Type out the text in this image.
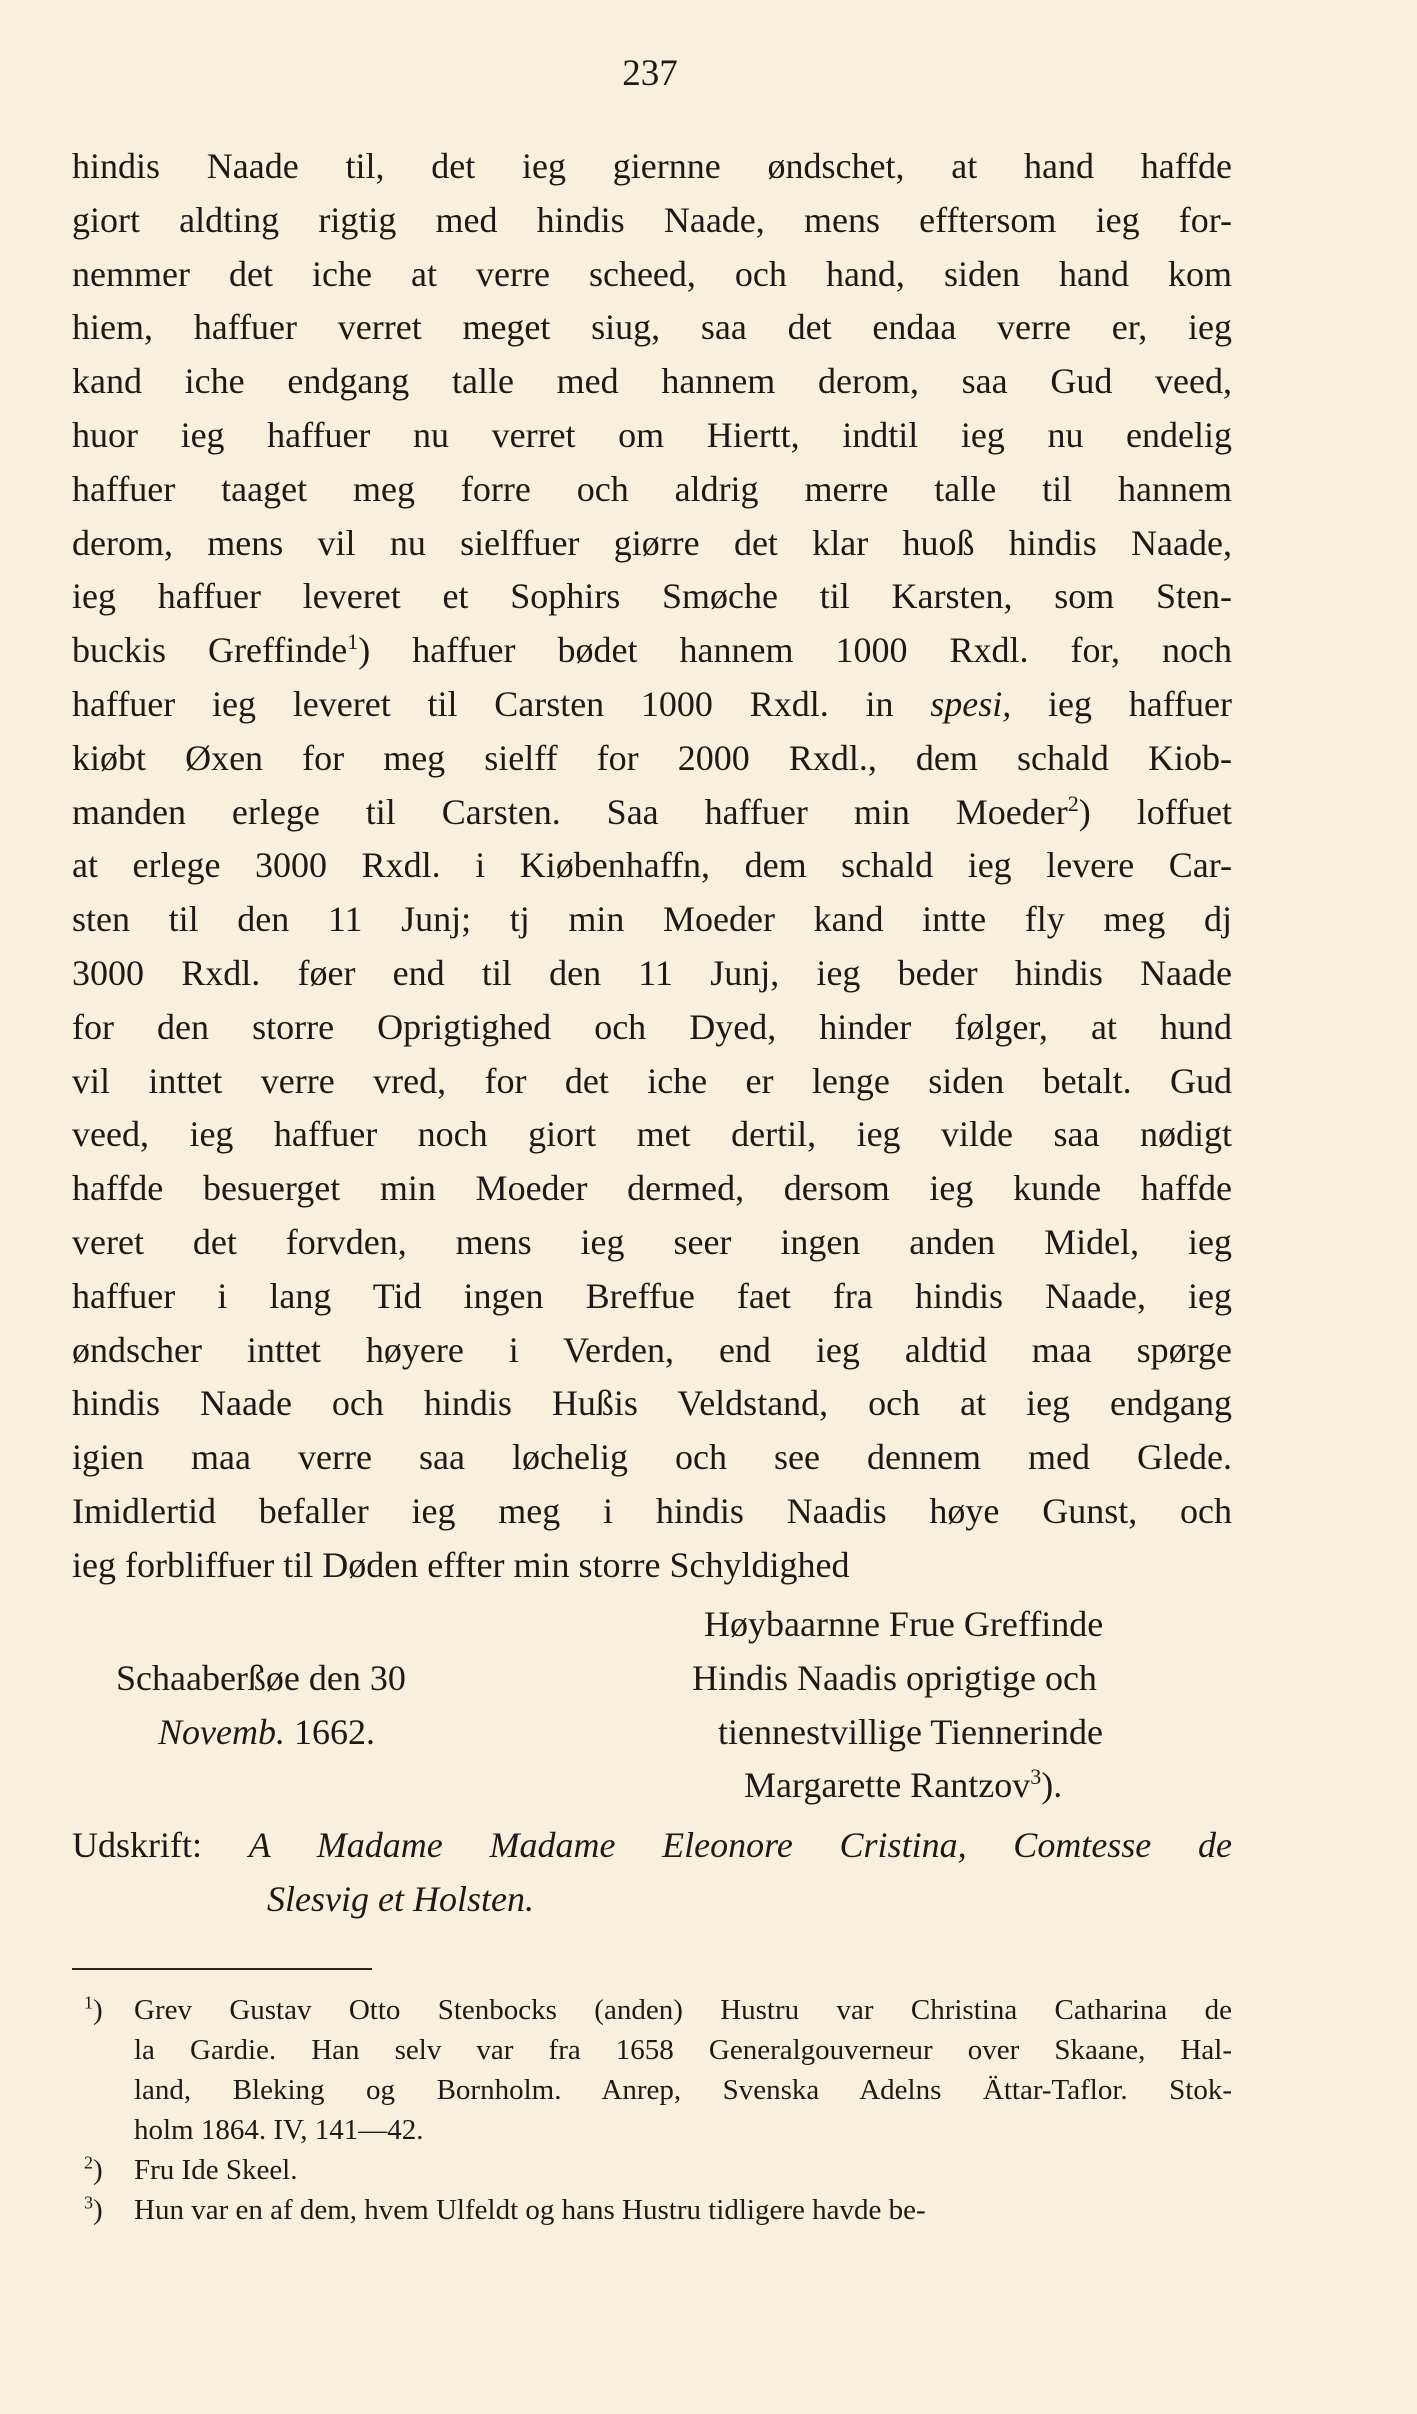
237
hindis Naade til, det ieg giernne øndschet, at hand haffde
giort aldting rigtig med hindis Naade, mens efftersom ieg for-
nemmer det iche at verre scheed, och hand, siden hand kom
hiem, haffuer verret meget siug, saa det endaa verre er, ieg
kand iche endgang talle med hannem derom, saa Gud veed,
huor ieg haffuer nu verret om Hiertt, indtil ieg nu endelig
haffuer taaget meg forre och aldrig merre talle til hannem
derom, mens vil nu sielffuer giørre det klar huoß hindis Naade,
ieg haffuer leveret et Sophirs Smøche til Karsten, som Sten-
buckis Greffinde$^1$) haffuer bødet hannem 1000 Rxdl. for, noch
haffuer ieg leveret til Carsten 1000 Rxdl. in spesi, ieg haffuer
kiøbt Øxen for meg sielff for 2000 Rxdl., dem schald Kiob-
manden erlege til Carsten. Saa haffuer min Moeder$^2$) loffuet
at erlege 3000 Rxdl. i Kiøbenhaffn, dem schald ieg levere Car-
sten til den 11 Junj; tj min Moeder kand intte fly meg dj
3000 Rxdl. føer end til den 11 Junj, ieg beder hindis Naade
for den storre Oprigtighed och Dyed, hinder følger, at hund
vil inttet verre vred, for det iche er lenge siden betalt. Gud
veed, ieg haffuer noch giort met dertil, ieg vilde saa nødigt
haffde besuerget min Moeder dermed, dersom ieg kunde haffde
veret det forvden, mens ieg seer ingen anden Midel, ieg
haffuer i lang Tid ingen Breffue faet fra hindis Naade, ieg
øndscher inttet høyere i Verden, end ieg aldtid maa spørge
hindis Naade och hindis Hußis Veldstand, och at ieg endgang
igien maa verre saa løchelig och see dennem med Glede.
Imidlertid befaller ieg meg i hindis Naadis høye Gunst, och
ieg forbliffuer til Døden effter min storre Schyldighed
Høybaarnne Frue Greffinde
Schaaberßøe den 30	Hindis Naadis oprigtige och
Novemb. 1662.	tiennestvillige Tiennerinde
Margarette Rantzov$^3$).
Udskrift: A Madame Madame Eleonore Cristina, Comtesse de
Slesvig et Holsten.
$^1$) Grev Gustav Otto Stenbocks (anden) Hustru var Christina Catharina de
la Gardie. Han selv var fra 1658 Generalgouverneur over Skaane, Hal-
land, Bleking og Bornholm. Anrep, Svenska Adelns Ättar-Taflor. Stok-
holm 1864. IV, 141—42.
$^2$) Fru Ide Skeel.
$^3$) Hun var en af dem, hvem Ulfeldt og hans Hustru tidligere havde be-
